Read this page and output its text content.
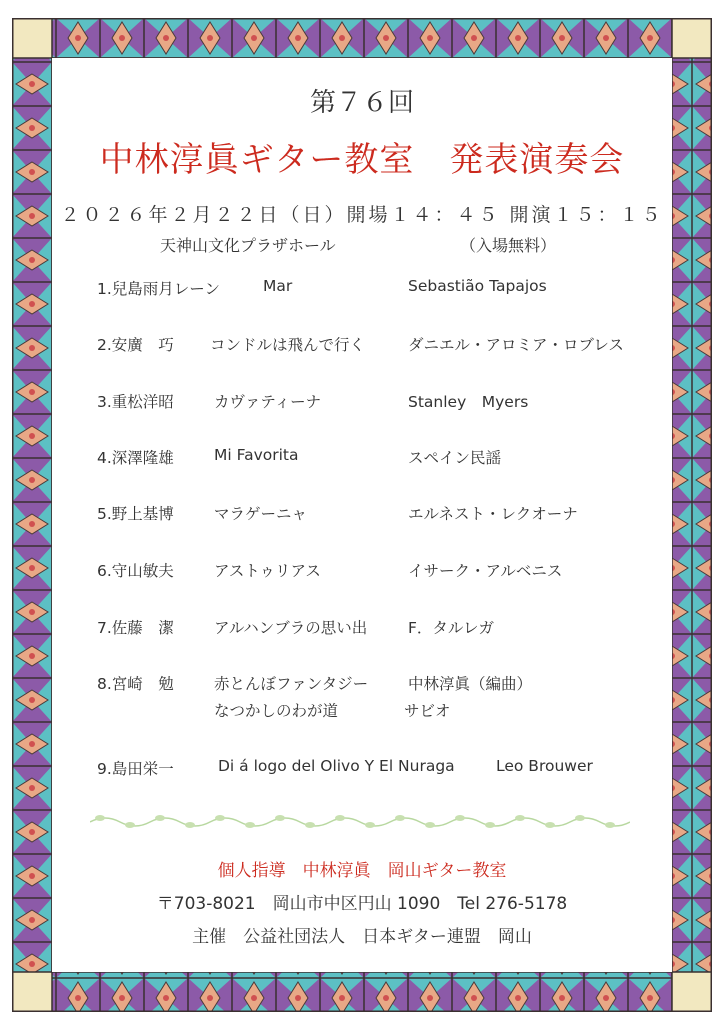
第７６回
中林淳眞ギター教室　発表演奏会
２０２６年２月２２日（日）開場１４：４５ 開演１５：１５
天神山文化プラザホール	（入場無料）
1.兒島雨月レーン	Mar	Sebastião Tapajos
2.安廣　巧 コンドルは飛んで行く	ダニエル・アロミア・ロブレス
3.重松洋昭	カヴァティーナ	Stanley　Myers
4.深澤隆雄	Mi Favorita	スペイン民謡
5.野上基博	マラゲーニャ	エルネスト・レクオーナ
6.守山敏夫	アストゥリアス	イサーク・アルベニス
7.佐藤　潔	アルハンブラの思い出	F．タルレガ
8.宮崎　勉	赤とんぼファンタジー	中林淳眞（編曲）
なつかしのわが道	サビオ
9.島田栄一	Di á logo del Olivo Y El Nuraga	Leo Brouwer
個人指導　中林淳眞　岡山ギター教室
〒703-8021　岡山市中区円山 1090　Tel 276-5178
主催　公益社団法人　日本ギター連盟　岡山
